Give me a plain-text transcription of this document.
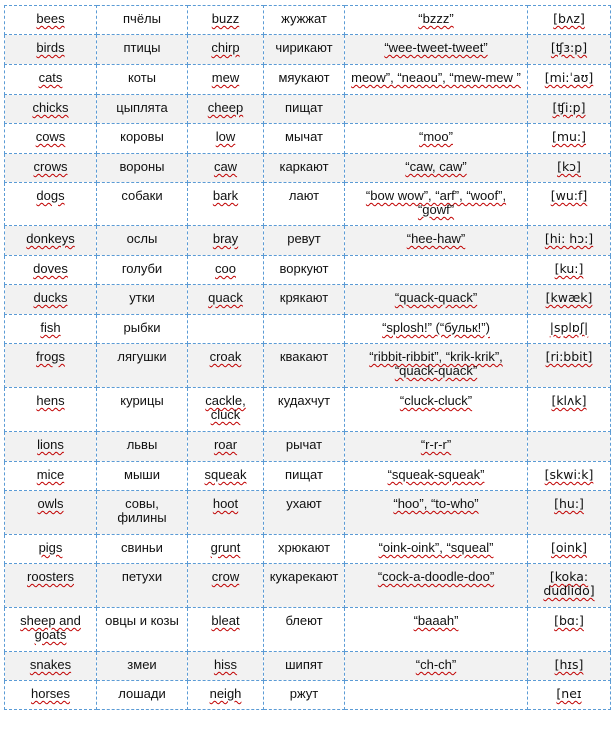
bees	пчёлы	buzz	жужжат	“bzzz”	[bʌz]
birds	птицы	chirp	чирикают	“wee-tweet-tweet”	[ʧɜ:p]
cats	коты	mew	мяукают	meow”, “neaou”, “mew-mew ”	[mi:ˈaʊ]
chicks	цыплята	cheep	пищат		[ʧi:p]
cows	коровы	low	мычат	“moo”	[mu:]
crows	вороны	caw	каркают	“caw, caw”	[kɔ]
dogs	собаки	bark	лают	“bow wow”, “arf”, “woof”, “gowf”	[wu:f]
donkeys	ослы	bray	ревут	“hee-haw”	[hi: hɔ:]
doves	голуби	coo	воркуют		[ku:]
ducks	утки	quack	крякают	“quack-quack”	[kwæk]
fish	рыбки			“splosh!” (“бульк!”)	|splɒʃ|
frogs	лягушки	croak	квакают	“ribbit-ribbit”, “krik-krik”, “quack-quack”	[ri:bbit]
hens	курицы	cackle, cluck	кудахчут	“cluck-cluck”	[klʌk]
lions	львы	roar	рычат	“r-r-r”	
mice	мыши	squeak	пищат	“squeak-squeak”	[skwi:k]
owls	совы, филины	hoot	ухают	“hoo”, “to-who”	[hu:]
pigs	свиньи	grunt	хрюкают	“oink-oink”, “squeal”	[oink]
roosters	петухи	crow	кукарекают	“cock-a-doodle-doo”	[koka: dudlido]
sheep and goats	овцы и козы	bleat	блеют	“baaah”	[bɑ:]
snakes	змеи	hiss	шипят	“ch-ch”	[hɪs]
horses	лошади	neigh	ржут		[neɪ
